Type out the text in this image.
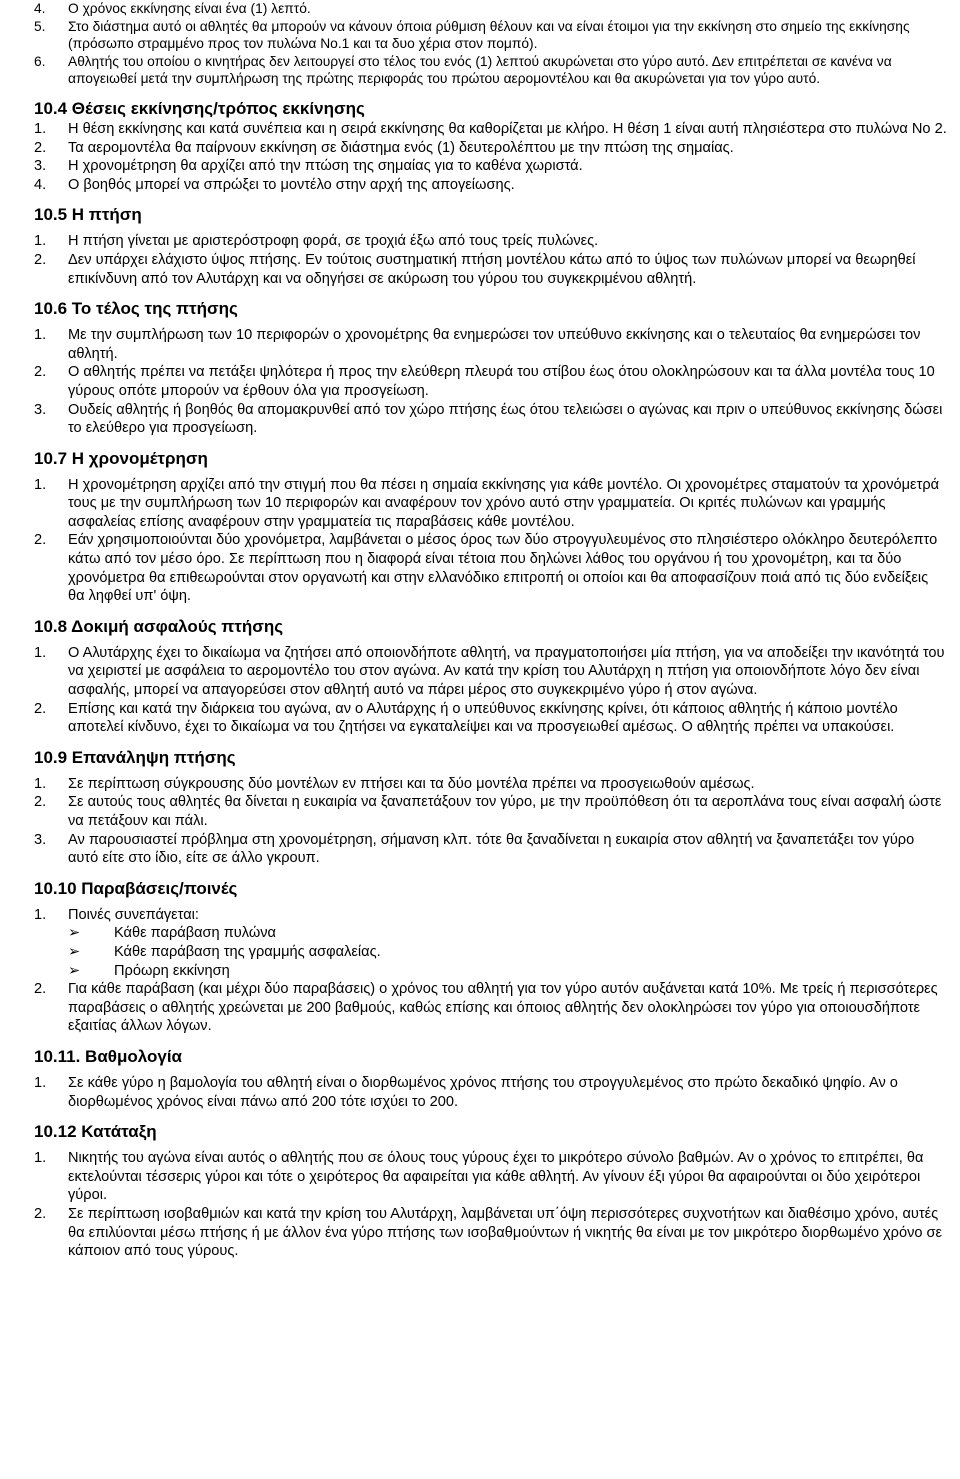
4.	Ο χρόνος εκκίνησης είναι ένα (1) λεπτό.
5.	Στο διάστημα αυτό οι αθλητές θα μπορούν να κάνουν όποια ρύθμιση θέλουν και να είναι έτοιμοι για την εκκίνηση στο σημείο της εκκίνησης (πρόσωπο στραμμένο προς τον πυλώνα Νο.1 και τα δυο χέρια στον πομπό).
6.	Αθλητής του οποίου ο κινητήρας δεν λειτουργεί στο τέλος του ενός (1) λεπτού ακυρώνεται στο γύρο αυτό. Δεν επιτρέπεται σε κανένα να απογειωθεί μετά την συμπλήρωση της πρώτης περιφοράς του πρώτου αερομοντέλου και θα ακυρώνεται για τον γύρο αυτό.
10.4 Θέσεις εκκίνησης/τρόπος εκκίνησης
1.	Η θέση εκκίνησης και κατά συνέπεια και η σειρά εκκίνησης θα καθορίζεται με κλήρο. Η θέση 1 είναι αυτή πλησιέστερα στο πυλώνα Νο 2.
2.	Τα αερομοντέλα θα παίρνουν εκκίνηση σε διάστημα ενός (1) δευτερολέπτου με την πτώση της σημαίας.
3.	Η χρονομέτρηση θα αρχίζει από την πτώση της σημαίας για το καθένα χωριστά.
4.	Ο βοηθός μπορεί να σπρώξει το μοντέλο στην αρχή της απογείωσης.
10.5 Η πτήση
1.	Η πτήση γίνεται με αριστερόστροφη φορά, σε τροχιά έξω από τους τρείς πυλώνες.
2.	Δεν υπάρχει ελάχιστο ύψος πτήσης. Εν τούτοις συστηματική πτήση μοντέλου κάτω από το ύψος των πυλώνων μπορεί να θεωρηθεί επικίνδυνη από τον Αλυτάρχη και να οδηγήσει σε ακύρωση του γύρου του συγκεκριμένου αθλητή.
10.6 Το τέλος της πτήσης
1.	Με την συμπλήρωση των 10 περιφορών ο χρονομέτρης θα ενημερώσει τον υπεύθυνο εκκίνησης και ο τελευταίος θα ενημερώσει τον αθλητή.
2.	Ο αθλητής πρέπει να πετάξει ψηλότερα ή προς την ελεύθερη πλευρά του στίβου έως ότου ολοκληρώσουν και τα άλλα μοντέλα τους 10 γύρους οπότε μπορούν να έρθουν όλα για προσγείωση.
3.	Ουδείς αθλητής ή βοηθός θα απομακρυνθεί από τον χώρο πτήσης έως ότου τελειώσει ο αγώνας και πριν ο υπεύθυνος εκκίνησης δώσει το ελεύθερο για προσγείωση.
10.7 Η χρονομέτρηση
1.	Η χρονομέτρηση αρχίζει από την στιγμή που θα πέσει η σημαία εκκίνησης για κάθε μοντέλο. Οι χρονομέτρες σταματούν τα χρονόμετρά τους με την συμπλήρωση των 10 περιφορών και αναφέρουν τον χρόνο αυτό στην γραμματεία. Οι κριτές πυλώνων και γραμμής ασφαλείας επίσης αναφέρουν στην γραμματεία τις παραβάσεις κάθε μοντέλου.
2.	Εάν χρησιμοποιούνται δύο χρονόμετρα, λαμβάνεται ο μέσος όρος των δύο στρογγυλευμένος στο πλησιέστερο ολόκληρο δευτερόλεπτο κάτω από τον μέσο όρο. Σε περίπτωση που η διαφορά είναι τέτοια που δηλώνει λάθος του οργάνου ή του χρονομέτρη, και τα δύο χρονόμετρα θα επιθεωρούνται στον οργανωτή και στην ελλανόδικο επιτροπή οι οποίοι και θα αποφασίζουν ποιά από τις δύο ενδείξεις θα ληφθεί υπ' όψη.
10.8 Δοκιμή ασφαλούς πτήσης
1.	Ο Αλυτάρχης έχει το δικαίωμα να ζητήσει από οποιονδήποτε αθλητή, να πραγματοποιήσει μία πτήση, για να αποδείξει την ικανότητά του να χειριστεί με ασφάλεια το αερομοντέλο του στον αγώνα. Αν κατά την κρίση του Αλυτάρχη η πτήση για οποιονδήποτε λόγο δεν είναι ασφαλής, μπορεί να απαγορεύσει στον αθλητή αυτό να πάρει μέρος στο συγκεκριμένο γύρο ή στον αγώνα.
2.	Επίσης και κατά την διάρκεια του αγώνα, αν ο Αλυτάρχης ή ο υπεύθυνος εκκίνησης κρίνει, ότι κάποιος αθλητής ή κάποιο μοντέλο αποτελεί κίνδυνο, έχει το δικαίωμα να του ζητήσει να εγκαταλείψει και να προσγειωθεί αμέσως. Ο αθλητής πρέπει να υπακούσει.
10.9 Επανάληψη πτήσης
1.	Σε περίπτωση σύγκρουσης δύο μοντέλων εν πτήσει και τα δύο μοντέλα πρέπει να προσγειωθούν αμέσως.
2.	Σε αυτούς τους αθλητές θα δίνεται η ευκαιρία να ξαναπετάξουν τον γύρο, με την προϋπόθεση ότι τα αεροπλάνα τους είναι ασφαλή ώστε να πετάξουν και πάλι.
3.	Αν παρουσιαστεί πρόβλημα στη χρονομέτρηση, σήμανση κλπ. τότε θα ξαναδίνεται η ευκαιρία στον αθλητή να ξαναπετάξει τον γύρο αυτό είτε στο ίδιο, είτε σε άλλο γκρουπ.
10.10 Παραβάσεις/ποινές
1.	Ποινές συνεπάγεται:
➢	Κάθε παράβαση πυλώνα
➢	Κάθε παράβαση της γραμμής ασφαλείας.
➢	Πρόωρη εκκίνηση
2.	Για κάθε παράβαση (και μέχρι δύο παραβάσεις) ο χρόνος του αθλητή για τον γύρο αυτόν αυξάνεται κατά 10%. Με τρείς ή περισσότερες παραβάσεις ο αθλητής χρεώνεται με 200 βαθμούς, καθώς επίσης και όποιος αθλητής δεν ολοκληρώσει τον γύρο για οποιουσδήποτε εξαιτίας άλλων λόγων.
10.11. Βαθμολογία
1.	Σε κάθε γύρο η βαμολογία του αθλητή είναι ο διορθωμένος χρόνος πτήσης του στρογγυλεμένος στο πρώτο δεκαδικό ψηφίο. Αν ο διορθωμένος χρόνος είναι πάνω από 200 τότε ισχύει το 200.
10.12 Κατάταξη
1.	Νικητής του αγώνα είναι αυτός ο αθλητής που σε όλους τους γύρους έχει το μικρότερο σύνολο βαθμών. Αν ο χρόνος το επιτρέπει, θα εκτελούνται τέσσερις γύροι και τότε ο χειρότερος θα αφαιρείται για κάθε αθλητή. Αν γίνουν έξι γύροι θα αφαιρούνται οι δύο χειρότεροι γύροι.
2.	Σε περίπτωση ισοβαθμιών και κατά την κρίση του Αλυτάρχη, λαμβάνεται υπ΄όψη περισσότερες συχνοτήτων και διαθέσιμο χρόνο, αυτές θα επιλύονται μέσω πτήσης ή με άλλον ένα γύρο πτήσης των ισοβαθμούντων ή νικητής θα είναι με τον μικρότερο διορθωμένο χρόνο σε κάποιον από τους γύρους.
